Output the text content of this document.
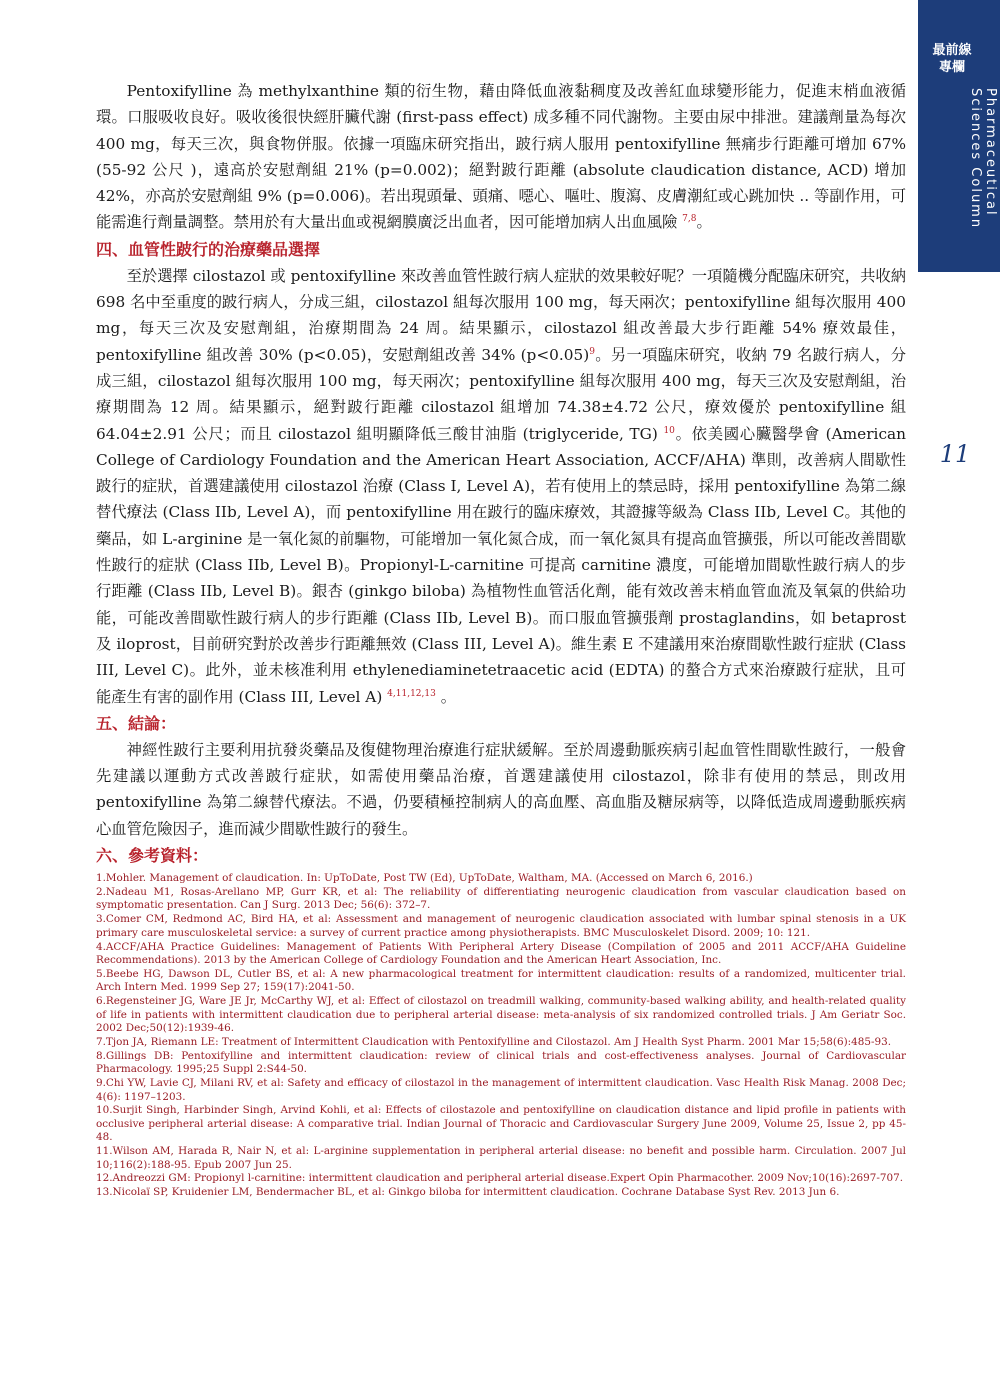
最前線
專欄
Pharmaceutical
Sciences Column
11

Pentoxifylline 為 methylxanthine 類的衍生物，藉由降低血液黏稠度及改善紅血球變形能力，促進末梢血液循環。口服吸收良好。吸收後很快經肝臟代謝 (first-pass effect) 成多種不同代謝物。主要由尿中排泄。建議劑量為每次 400 mg，每天三次，與食物併服。依據一項臨床研究指出，跛行病人服用 pentoxifylline 無痛步行距離可增加 67% (55-92 公尺 )，遠高於安慰劑組 21% (p=0.002)；絕對跛行距離 (absolute claudication distance, ACD) 增加 42%，亦高於安慰劑組 9% (p=0.006)。若出現頭暈、頭痛、噁心、嘔吐、腹瀉、皮膚潮紅或心跳加快 .. 等副作用，可能需進行劑量調整。禁用於有大量出血或視網膜廣泛出血者，因可能增加病人出血風險 $^{7,8}$。

四、血管性跛行的治療藥品選擇

至於選擇 cilostazol 或 pentoxifylline 來改善血管性跛行病人症狀的效果較好呢？一項隨機分配臨床研究，共收納 698 名中至重度的跛行病人，分成三組，cilostazol 組每次服用 100 mg，每天兩次；pentoxifylline 組每次服用 400 mg，每天三次及安慰劑組，治療期間為 24 周。結果顯示，cilostazol 組改善最大步行距離 54% 療效最佳，pentoxifylline 組改善 30% (p<0.05)，安慰劑組改善 34% (p<0.05)$^9$。另一項臨床研究，收納 79 名跛行病人，分成三組，cilostazol 組每次服用 100 mg，每天兩次；pentoxifylline 組每次服用 400 mg，每天三次及安慰劑組，治療期間為 12 周。結果顯示，絕對跛行距離 cilostazol 組增加 74.38±4.72 公尺，療效優於 pentoxifylline 組 64.04±2.91 公尺；而且 cilostazol 組明顯降低三酸甘油脂 (triglyceride, TG) $^{10}$。依美國心臟醫學會 (American College of Cardiology Foundation and the American Heart Association, ACCF/AHA) 準則，改善病人間歇性跛行的症狀，首選建議使用 cilostazol 治療 (Class I, Level A)，若有使用上的禁忌時，採用 pentoxifylline 為第二線替代療法 (Class IIb, Level A)，而 pentoxifylline 用在跛行的臨床療效，其證據等級為 Class IIb, Level C。其他的藥品，如 L-arginine 是一氧化氮的前驅物，可能增加一氧化氮合成，而一氧化氮具有提高血管擴張，所以可能改善間歇性跛行的症狀 (Class IIb, Level B)。Propionyl-L-carnitine 可提高 carnitine 濃度，可能增加間歇性跛行病人的步行距離 (Class IIb, Level B)。銀杏 (ginkgo biloba) 為植物性血管活化劑，能有效改善末梢血管血流及氧氣的供給功能，可能改善間歇性跛行病人的步行距離 (Class IIb, Level B)。而口服血管擴張劑 prostaglandins，如 betaprost 及 iloprost，目前研究對於改善步行距離無效 (Class III, Level A)。維生素 E 不建議用來治療間歇性跛行症狀 (Class III, Level C)。此外，並未核准利用 ethylenediaminetetraacetic acid (EDTA) 的螯合方式來治療跛行症狀，且可能產生有害的副作用 (Class III, Level A) $^{4,11,12,13}$ 。

五、結論：

神經性跛行主要利用抗發炎藥品及復健物理治療進行症狀緩解。至於周邊動脈疾病引起血管性間歇性跛行，一般會先建議以運動方式改善跛行症狀，如需使用藥品治療，首選建議使用 cilostazol，除非有使用的禁忌，則改用 pentoxifylline 為第二線替代療法。不過，仍要積極控制病人的高血壓、高血脂及糖尿病等，以降低造成周邊動脈疾病心血管危險因子，進而減少間歇性跛行的發生。

六、參考資料：
1.Mohler. Management of claudication. In: UpToDate, Post TW (Ed), UpToDate, Waltham, MA. (Accessed on March 6, 2016.)
2.Nadeau M1, Rosas-Arellano MP, Gurr KR, et al: The reliability of differentiating neurogenic claudication from vascular claudication based on symptomatic presentation. Can J Surg. 2013 Dec; 56(6): 372–7.
3.Comer CM, Redmond AC, Bird HA, et al: Assessment and management of neurogenic claudication associated with lumbar spinal stenosis in a UK primary care musculoskeletal service: a survey of current practice among physiotherapists. BMC Musculoskelet Disord. 2009; 10: 121.
4.ACCF/AHA Practice Guidelines: Management of Patients With Peripheral Artery Disease (Compilation of 2005 and 2011 ACCF/AHA Guideline Recommendations). 2013 by the American College of Cardiology Foundation and the American Heart Association, Inc.
5.Beebe HG, Dawson DL, Cutler BS, et al: A new pharmacological treatment for intermittent claudication: results of a randomized, multicenter trial. Arch Intern Med. 1999 Sep 27; 159(17):2041-50.
6.Regensteiner JG, Ware JE Jr, McCarthy WJ, et al: Effect of cilostazol on treadmill walking, community-based walking ability, and health-related quality of life in patients with intermittent claudication due to peripheral arterial disease: meta-analysis of six randomized controlled trials. J Am Geriatr Soc. 2002 Dec;50(12):1939-46.
7.Tjon JA, Riemann LE: Treatment of Intermittent Claudication with Pentoxifylline and Cilostazol. Am J Health Syst Pharm. 2001 Mar 15;58(6):485-93.
8.Gillings DB: Pentoxifylline and intermittent claudication: review of clinical trials and cost-effectiveness analyses. Journal of Cardiovascular Pharmacology. 1995;25 Suppl 2:S44-50.
9.Chi YW, Lavie CJ, Milani RV, et al: Safety and efficacy of cilostazol in the management of intermittent claudication. Vasc Health Risk Manag. 2008 Dec; 4(6): 1197–1203.
10.Surjit Singh, Harbinder Singh, Arvind Kohli, et al: Effects of cilostazole and pentoxifylline on claudication distance and lipid profile in patients with occlusive peripheral arterial disease: A comparative trial. Indian Journal of Thoracic and Cardiovascular Surgery June 2009, Volume 25, Issue 2, pp 45-48.
11.Wilson AM, Harada R, Nair N, et al: L-arginine supplementation in peripheral arterial disease: no benefit and possible harm. Circulation. 2007 Jul 10;116(2):188-95. Epub 2007 Jun 25.
12.Andreozzi GM: Propionyl l-carnitine: intermittent claudication and peripheral arterial disease.Expert Opin Pharmacother. 2009 Nov;10(16):2697-707.
13.Nicolaï SP, Kruidenier LM, Bendermacher BL, et al: Ginkgo biloba for intermittent claudication. Cochrane Database Syst Rev. 2013 Jun 6.
